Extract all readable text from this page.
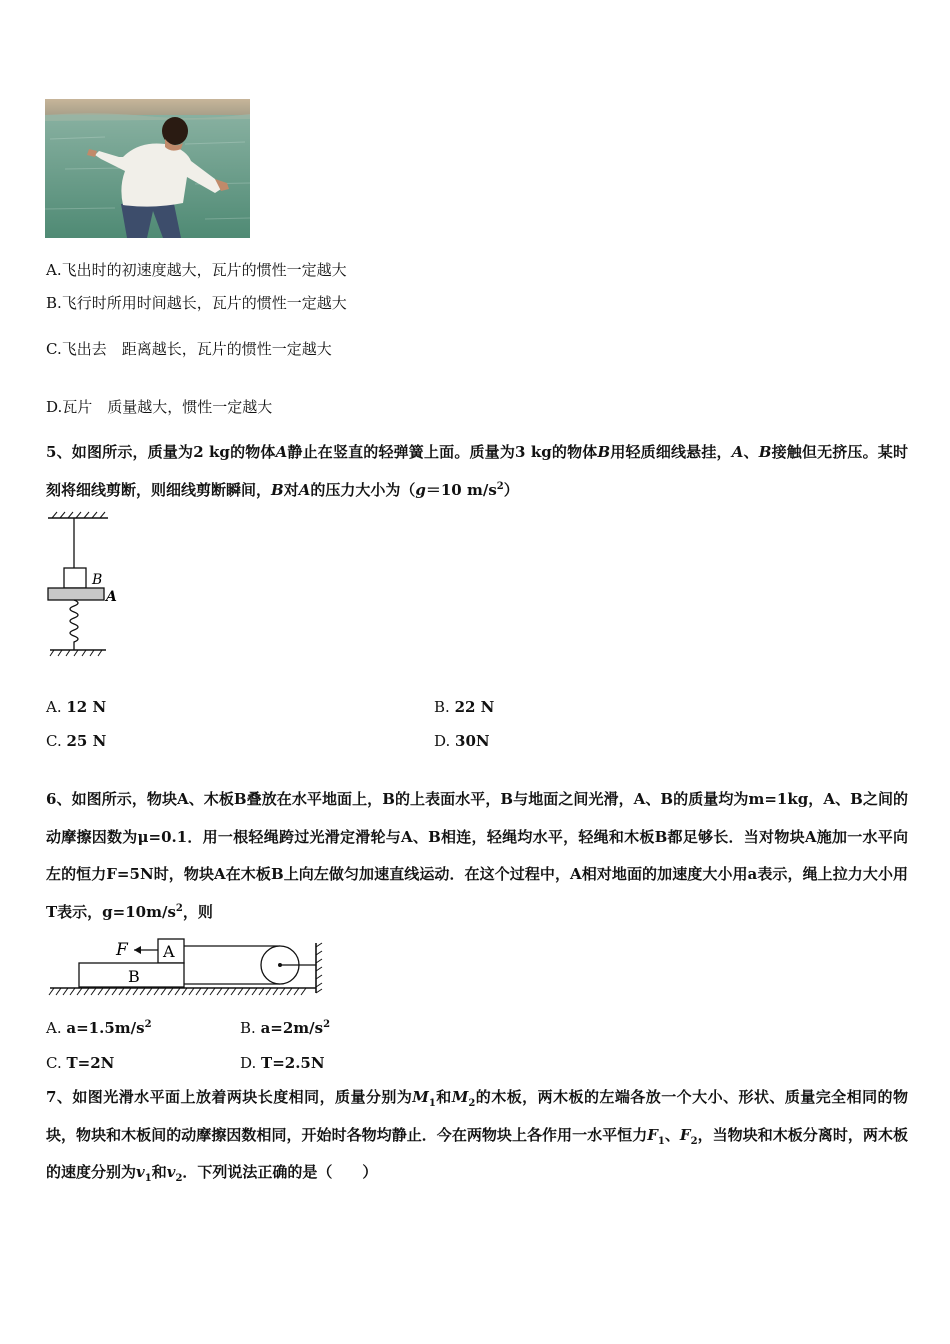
A.飞出时的初速度越大，瓦片的惯性一定越大
B.飞行时所用时间越长，瓦片的惯性一定越大
C.飞出去　距离越长，瓦片的惯性一定越大
D.瓦片　质量越大，惯性一定越大
5、如图所示，质量为2 kg的物体A静止在竖直的轻弹簧上面。质量为3 kg的物体B用轻质细线悬挂，A、B接触但无挤压。某时刻将细线剪断，则细线剪断瞬间，B对A的压力大小为（g＝10 $m/s^2$）
B
A
A. 12 N	B. 22 N
C. 25 N	D. 30N
6、如图所示，物块A、木板B叠放在水平地面上，B的上表面水平，B与地面之间光滑，A、B的质量均为m=1kg，A、B之间的动摩擦因数为μ=0.1．用一根轻绳跨过光滑定滑轮与A、B相连，轻绳均水平，轻绳和木板B都足够长．当对物块A施加一水平向左的恒力F=5N时，物块A在木板B上向左做匀加速直线运动．在这个过程中，A相对地面的加速度大小用a表示，绳上拉力大小用T表示，$g=10m/s^2$，则
F A
B
A. $a=1.5m/s^2$	B. $a=2m/s^2$
C. T=2N	D. T=2.5N
7、如图光滑水平面上放着两块长度相同，质量分别为$M_1$和$M_2$的木板，两木板的左端各放一个大小、形状、质量完全相同的物块，物块和木板间的动摩擦因数相同，开始时各物均静止．今在两物块上各作用一水平恒力$F_1$、$F_2$，当物块和木板分离时，两木板的速度分别为$v_1$和$v_2$．下列说法正确的是（　　）
